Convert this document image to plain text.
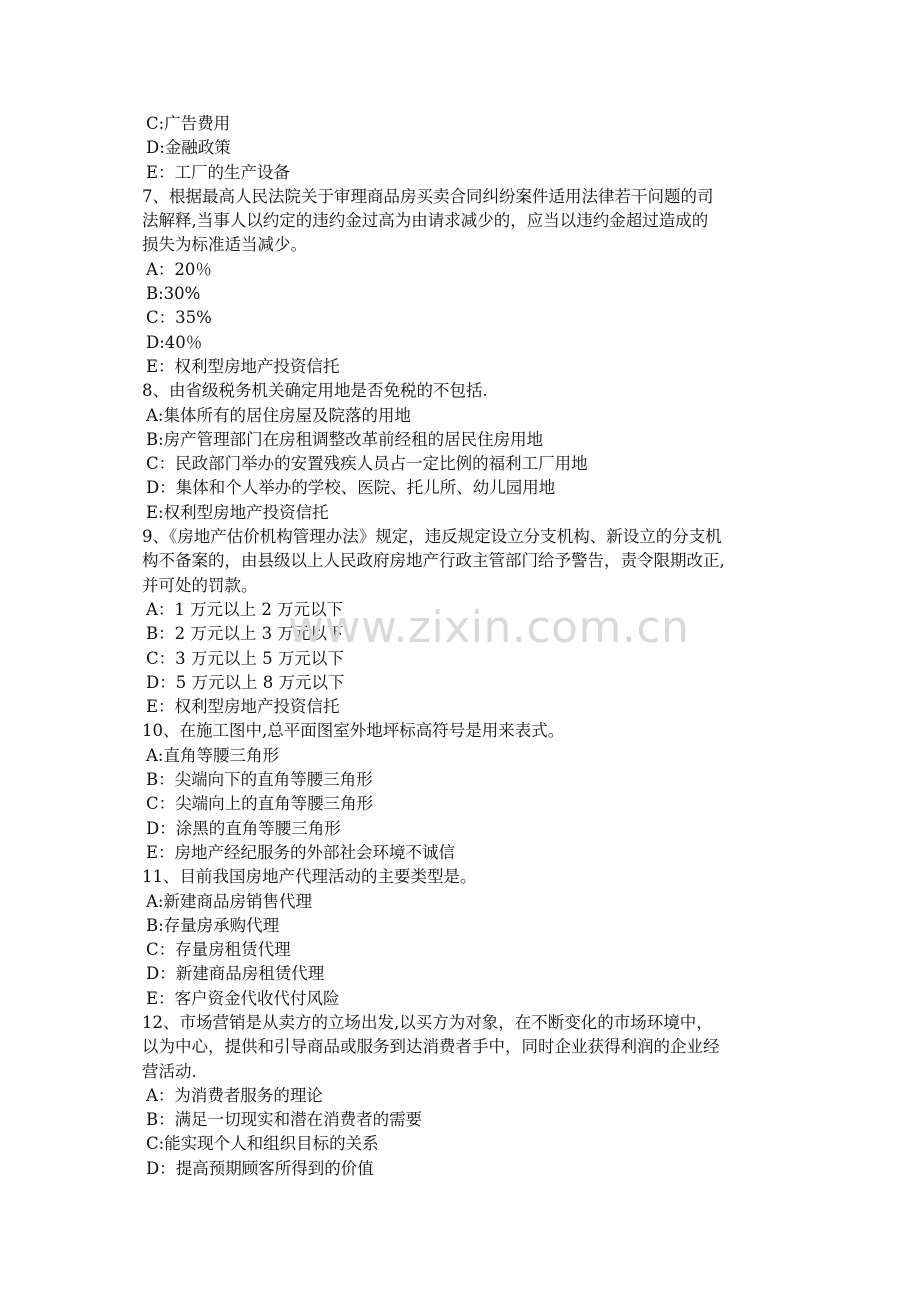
C:广告费用
D:金融政策
E：工厂的生产设备
7、根据最高人民法院关于审理商品房买卖合同纠纷案件适用法律若干问题的司
法解释,当事人以约定的违约金过高为由请求减少的，应当以违约金超过造成的
损失为标准适当减少。
A：20％
B:30%
C：35%
D:40％
E：权利型房地产投资信托
8、由省级税务机关确定用地是否免税的不包括.
A:集体所有的居住房屋及院落的用地
B:房产管理部门在房租调整改革前经租的居民住房用地
C：民政部门举办的安置残疾人员占一定比例的福利工厂用地
D：集体和个人举办的学校、医院、托儿所、幼儿园用地
E:权利型房地产投资信托
9、《房地产估价机构管理办法》规定，违反规定设立分支机构、新设立的分支机
构不备案的，由县级以上人民政府房地产行政主管部门给予警告，责令限期改正,
并可处的罚款。
A：1 万元以上 2 万元以下
B：2 万元以上 3 万元以下
C：3 万元以上 5 万元以下
D：5 万元以上 8 万元以下
E：权利型房地产投资信托
10、在施工图中,总平面图室外地坪标高符号是用来表式。
A:直角等腰三角形
B：尖端向下的直角等腰三角形
C：尖端向上的直角等腰三角形
D：涂黑的直角等腰三角形
E：房地产经纪服务的外部社会环境不诚信
11、目前我国房地产代理活动的主要类型是。
A:新建商品房销售代理
B:存量房承购代理
C：存量房租赁代理
D：新建商品房租赁代理
E：客户资金代收代付风险
12、市场营销是从卖方的立场出发,以买方为对象，在不断变化的市场环境中，
以为中心，提供和引导商品或服务到达消费者手中，同时企业获得利润的企业经
营活动.
A：为消费者服务的理论
B：满足一切现实和潜在消费者的需要
C:能实现个人和组织目标的关系
D：提高预期顾客所得到的价值
www.zixin.com.cn
